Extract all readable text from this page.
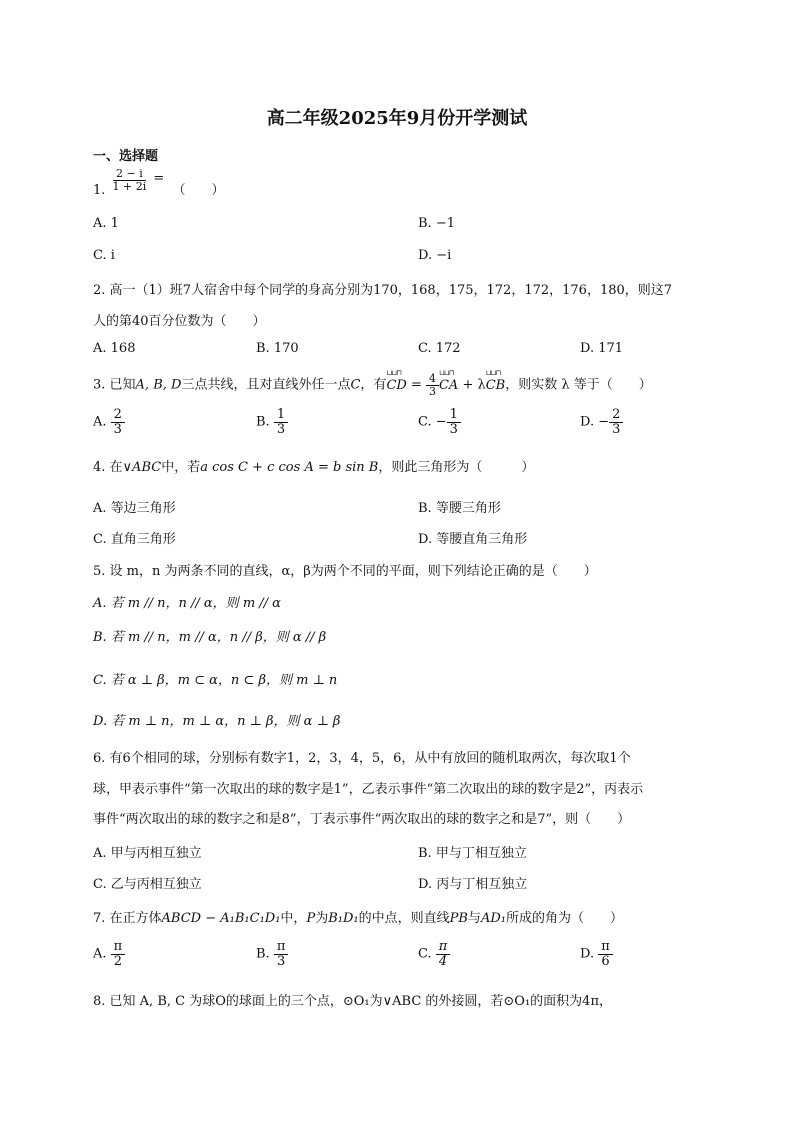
高二年级2025年9月份开学测试
一、选择题
1. $\frac{2 - i}{1 + 2i}$ = （　　）
A. 1	B. −1
C. i	D. −i
2. 高一（1）班7人宿舍中每个同学的身高分别为170，168，175，172，172，176，180，则这7
人的第40百分位数为（　　）
A. 168	B. 170	C. 172	D. 171
3. 已知A, B, D三点共线，且对直线外任一点C，有⊔⊔⊓ CD = $\frac{4}{3}$
⊔⊔⊓ CA + λ⊔⊔⊓ CB，则实数 λ 等于（　　）
A. $\frac{2}{3}$	B. $\frac{1}{3}$	C. − $\frac{1}{3}$	D. − $\frac{2}{3}$
4. 在∨ABC中，若a cos C + c cos A = b sin B，则此三角形为（　　　）
A. 等边三角形	B. 等腰三角形
C. 直角三角形	D. 等腰直角三角形
5. 设 m，n 为两条不同的直线，α，β为两个不同的平面，则下列结论正确的是（　　）
A. 若 m // n，n // α，则 m // α
B. 若 m // n，m // α，n // β，则 α // β
C. 若 α ⊥ β，m ⊂ α，n ⊂ β，则 m ⊥ n
D. 若 m ⊥ n，m ⊥ α，n ⊥ β，则 α ⊥ β
6. 有6个相同的球，分别标有数字1，2，3，4，5，6，从中有放回的随机取两次，每次取1个
球，甲表示事件“第一次取出的球的数字是1”，乙表示事件“第二次取出的球的数字是2”，丙表示
事件“两次取出的球的数字之和是8”，丁表示事件“两次取出的球的数字之和是7”，则（　　）
A. 甲与丙相互独立	B. 甲与丁相互独立
C. 乙与丙相互独立	D. 丙与丁相互独立
7. 在正方体ABCD − A₁B₁C₁D₁中，P为B₁D₁的中点，则直线PB与AD₁所成的角为（　　）
A. $\frac{\pi}{2}$	B. $\frac{\pi}{3}$	C. $\frac{\pi}{4}$	D. $\frac{\pi}{6}$
8. 已知 A, B, C 为球O的球面上的三个点，⊙O₁为∨ABC 的外接圆，若⊙O₁的面积为4π，
